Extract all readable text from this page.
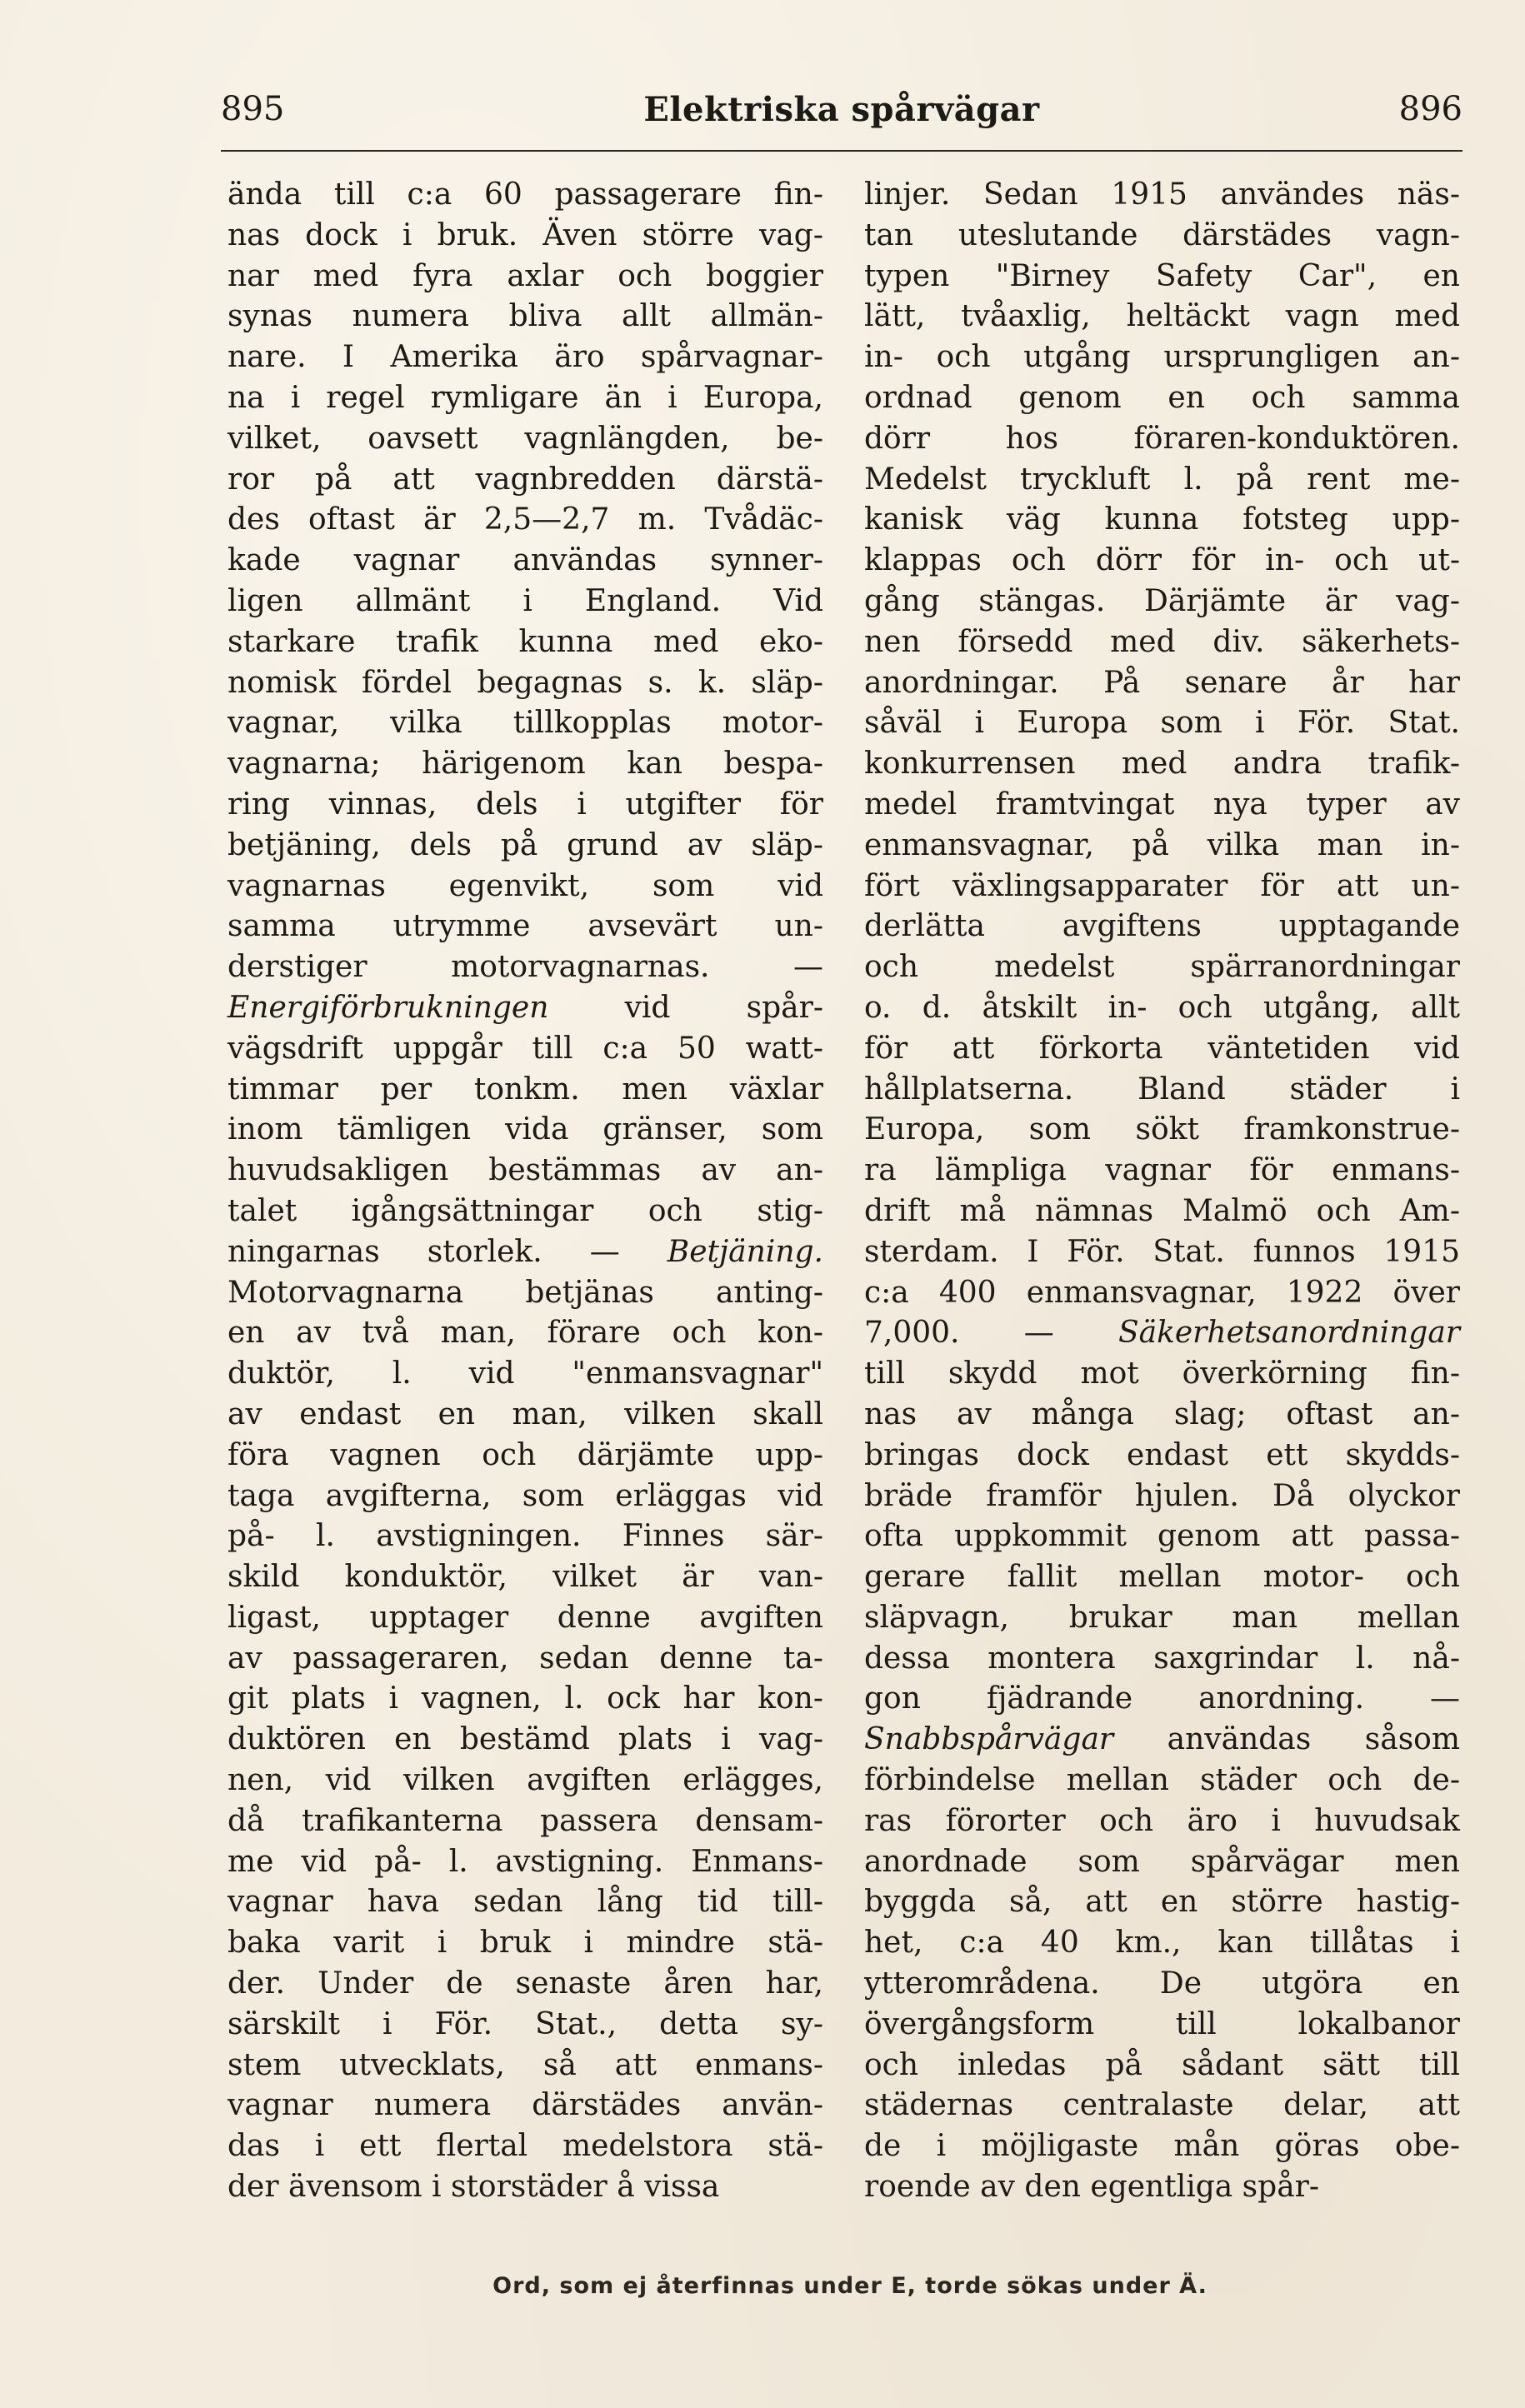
895	Elektriska spårvägar	896
ända till c:a 60 passagerare fin-
nas dock i bruk. Även större vag-
nar med fyra axlar och boggier
synas numera bliva allt allmän-
nare. I Amerika äro spårvagnar-
na i regel rymligare än i Europa,
vilket, oavsett vagnlängden, be-
ror på att vagnbredden därstä-
des oftast är 2,5—2,7 m. Tvådäc-
kade vagnar användas synner-
ligen allmänt i England. Vid
starkare trafik kunna med eko-
nomisk fördel begagnas s. k. släp-
vagnar, vilka tillkopplas motor-
vagnarna; härigenom kan bespa-
ring vinnas, dels i utgifter för
betjäning, dels på grund av släp-
vagnarnas egenvikt, som vid
samma utrymme avsevärt un-
derstiger motorvagnarnas. —
Energiförbrukningen vid spår-
vägsdrift uppgår till c:a 50 watt-
timmar per tonkm. men växlar
inom tämligen vida gränser, som
huvudsakligen bestämmas av an-
talet igångsättningar och stig-
ningarnas storlek. — Betjäning.
Motorvagnarna betjänas anting-
en av två man, förare och kon-
duktör, l. vid "enmansvagnar"
av endast en man, vilken skall
föra vagnen och därjämte upp-
taga avgifterna, som erläggas vid
på- l. avstigningen. Finnes sär-
skild konduktör, vilket är van-
ligast, upptager denne avgiften
av passageraren, sedan denne ta-
git plats i vagnen, l. ock har kon-
duktören en bestämd plats i vag-
nen, vid vilken avgiften erlägges,
då trafikanterna passera densam-
me vid på- l. avstigning. Enmans-
vagnar hava sedan lång tid till-
baka varit i bruk i mindre stä-
der. Under de senaste åren har,
särskilt i För. Stat., detta sy-
stem utvecklats, så att enmans-
vagnar numera därstädes använ-
das i ett flertal medelstora stä-
der ävensom i storstäder å vissa
linjer. Sedan 1915 användes näs-
tan uteslutande därstädes vagn-
typen "Birney Safety Car", en
lätt, tvåaxlig, heltäckt vagn med
in- och utgång ursprungligen an-
ordnad genom en och samma
dörr hos föraren-konduktören.
Medelst tryckluft l. på rent me-
kanisk väg kunna fotsteg upp-
klappas och dörr för in- och ut-
gång stängas. Därjämte är vag-
nen försedd med div. säkerhets-
anordningar. På senare år har
såväl i Europa som i För. Stat.
konkurrensen med andra trafik-
medel framtvingat nya typer av
enmansvagnar, på vilka man in-
fört växlingsapparater för att un-
derlätta avgiftens upptagande
och medelst spärranordningar
o. d. åtskilt in- och utgång, allt
för att förkorta väntetiden vid
hållplatserna. Bland städer i
Europa, som sökt framkonstrue-
ra lämpliga vagnar för enmans-
drift må nämnas Malmö och Am-
sterdam. I För. Stat. funnos 1915
c:a 400 enmansvagnar, 1922 över
7,000. — Säkerhetsanordningar
till skydd mot överkörning fin-
nas av många slag; oftast an-
bringas dock endast ett skydds-
bräde framför hjulen. Då olyckor
ofta uppkommit genom att passa-
gerare fallit mellan motor- och
släpvagn, brukar man mellan
dessa montera saxgrindar l. nå-
gon fjädrande anordning. —
Snabbspårvägar användas såsom
förbindelse mellan städer och de-
ras förorter och äro i huvudsak
anordnade som spårvägar men
byggda så, att en större hastig-
het, c:a 40 km., kan tillåtas i
ytterområdena. De utgöra en
övergångsform till lokalbanor
och inledas på sådant sätt till
städernas centralaste delar, att
de i möjligaste mån göras obe-
roende av den egentliga spår-
Ord, som ej återfinnas under E, torde sökas under Ä.
